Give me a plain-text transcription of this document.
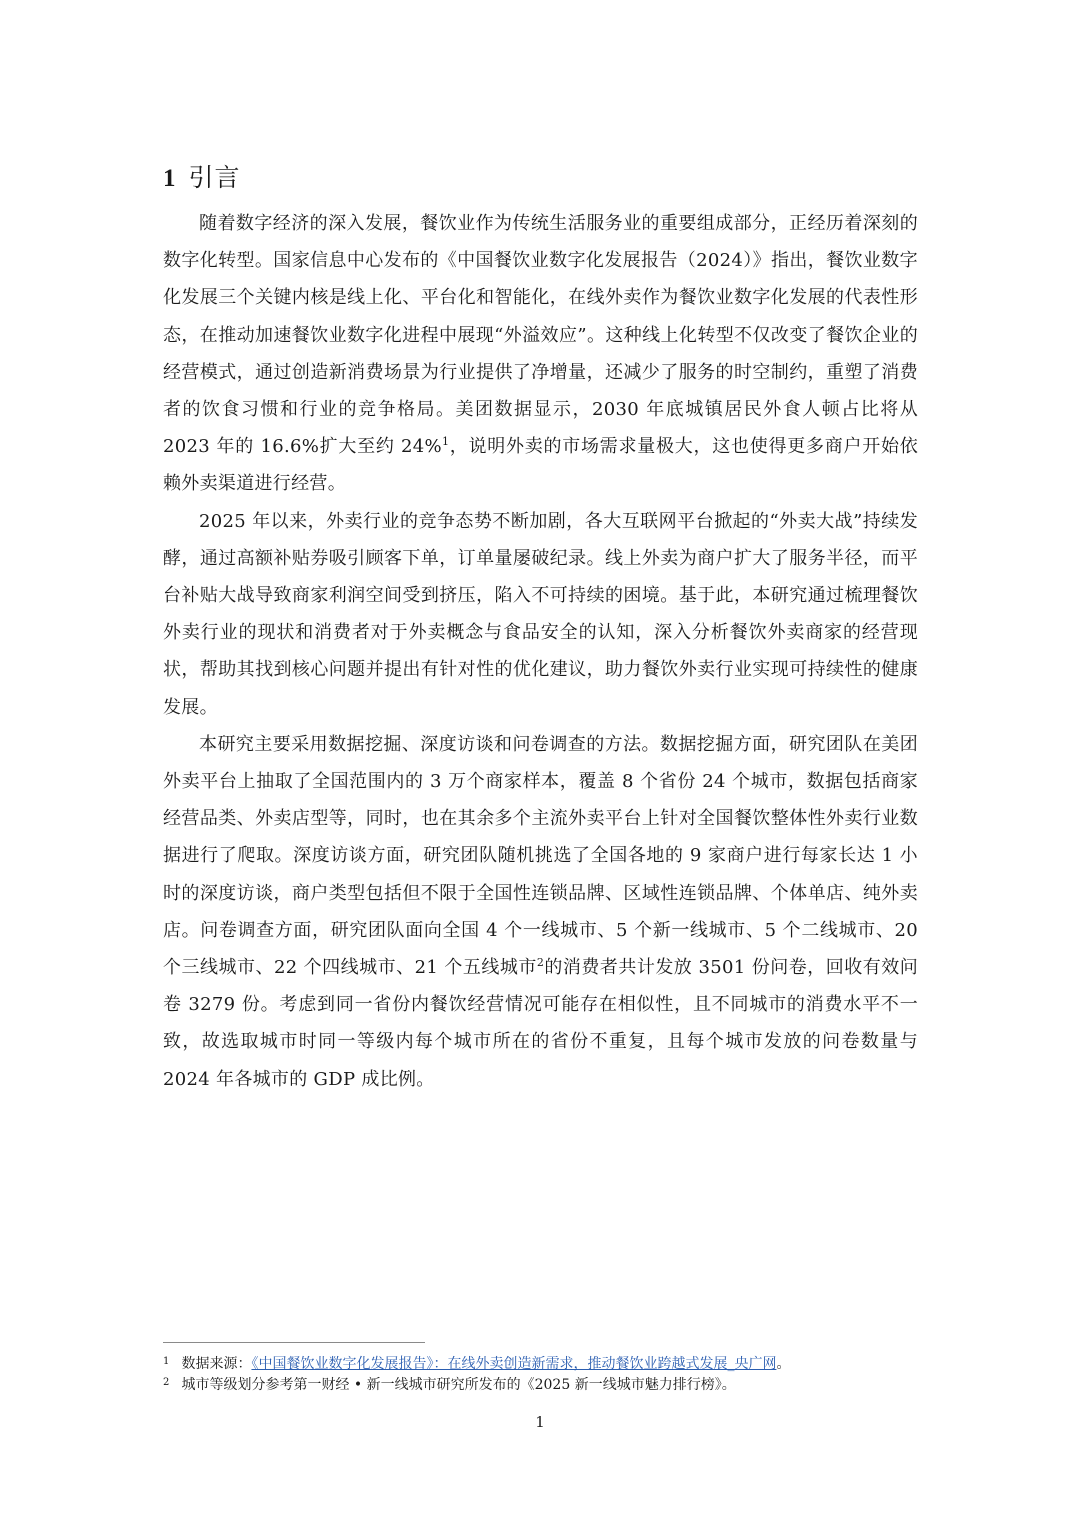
1 引言

随着数字经济的深入发展，餐饮业作为传统生活服务业的重要组成部分，正经历着深刻的数字化转型。国家信息中心发布的《中国餐饮业数字化发展报告（2024）》指出，餐饮业数字化发展三个关键内核是线上化、平台化和智能化，在线外卖作为餐饮业数字化发展的代表性形态，在推动加速餐饮业数字化进程中展现“外溢效应”。这种线上化转型不仅改变了餐饮企业的经营模式，通过创造新消费场景为行业提供了净增量，还减少了服务的时空制约，重塑了消费者的饮食习惯和行业的竞争格局。美团数据显示，2030 年底城镇居民外食人顿占比将从 2023 年的 16.6%扩大至约 24%$^1$，说明外卖的市场需求量极大，这也使得更多商户开始依赖外卖渠道进行经营。

2025 年以来，外卖行业的竞争态势不断加剧，各大互联网平台掀起的“外卖大战”持续发酵，通过高额补贴券吸引顾客下单，订单量屡破纪录。线上外卖为商户扩大了服务半径，而平台补贴大战导致商家利润空间受到挤压，陷入不可持续的困境。基于此，本研究通过梳理餐饮外卖行业的现状和消费者对于外卖概念与食品安全的认知，深入分析餐饮外卖商家的经营现状，帮助其找到核心问题并提出有针对性的优化建议，助力餐饮外卖行业实现可持续性的健康发展。

本研究主要采用数据挖掘、深度访谈和问卷调查的方法。数据挖掘方面，研究团队在美团外卖平台上抽取了全国范围内的 3 万个商家样本，覆盖 8 个省份 24 个城市，数据包括商家经营品类、外卖店型等，同时，也在其余多个主流外卖平台上针对全国餐饮整体性外卖行业数据进行了爬取。深度访谈方面，研究团队随机挑选了全国各地的 9 家商户进行每家长达 1 小时的深度访谈，商户类型包括但不限于全国性连锁品牌、区域性连锁品牌、个体单店、纯外卖店。问卷调查方面，研究团队面向全国 4 个一线城市、5 个新一线城市、5 个二线城市、20 个三线城市、22 个四线城市、21 个五线城市$^2$的消费者共计发放 3501 份问卷，回收有效问卷 3279 份。考虑到同一省份内餐饮经营情况可能存在相似性，且不同城市的消费水平不一致，故选取城市时同一等级内每个城市所在的省份不重复，且每个城市发放的问卷数量与 2024 年各城市的 GDP 成比例。

1 数据来源：《中国餐饮业数字化发展报告》：在线外卖创造新需求，推动餐饮业跨越式发展_央广网。

2 城市等级划分参考第一财经 • 新一线城市研究所发布的《2025 新一线城市魅力排行榜》。

1
